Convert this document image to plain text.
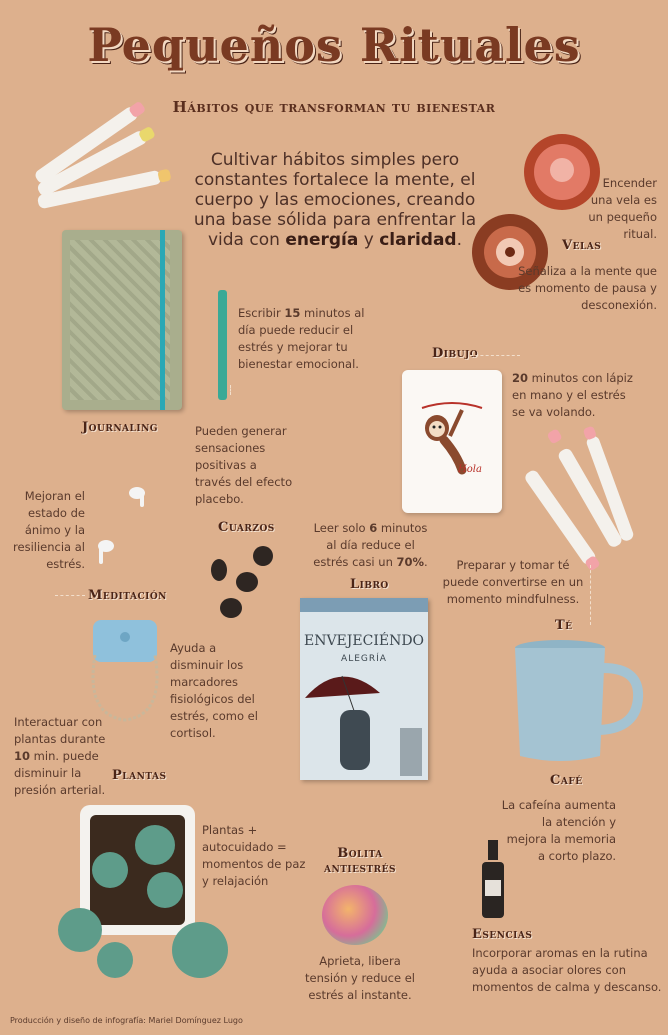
Pequeños Rituales
Hábitos que transforman tu bienestar
Cultivar hábitos simples pero constantes fortalece la mente, el cuerpo y las emociones, creando una base sólida para enfrentar la vida con energía y claridad.
Encender una vela es un pequeño ritual.
Velas
Señaliza a la mente que es momento de pausa y desconexión.
Escribir 15 minutos al día puede reducir el estrés y mejorar tu bienestar emocional.
Journaling
Dibujo
Hola
20 minutos con lápiz en mano y el estrés se va volando.
Pueden generar sensaciones positivas a través del efecto placebo.
Cuarzos
Mejoran el estado de ánimo y la resiliencia al estrés.
Meditación
Ayuda a disminuir los marcadores fisiológicos del estrés, como el cortisol.
Leer solo 6 minutos al día reduce el estrés casi un 70%.
Libro
ENVEJECIÉNDO
ALEGRÍA
Preparar y tomar té puede convertirse en un momento mindfulness.
Té
Interactuar con plantas durante 10 min. puede disminuir la presión arterial.
Plantas
Plantas + autocuidado = momentos de paz y relajación
Café
La cafeína aumenta la atención y mejora la memoria a corto plazo.
Bolita
antiestrés
Aprieta, libera tensión y reduce el estrés al instante.
Esencias
Incorporar aromas en la rutina ayuda a asociar olores con momentos de calma y descanso.
Producción y diseño de infografía: Mariel Domínguez Lugo
